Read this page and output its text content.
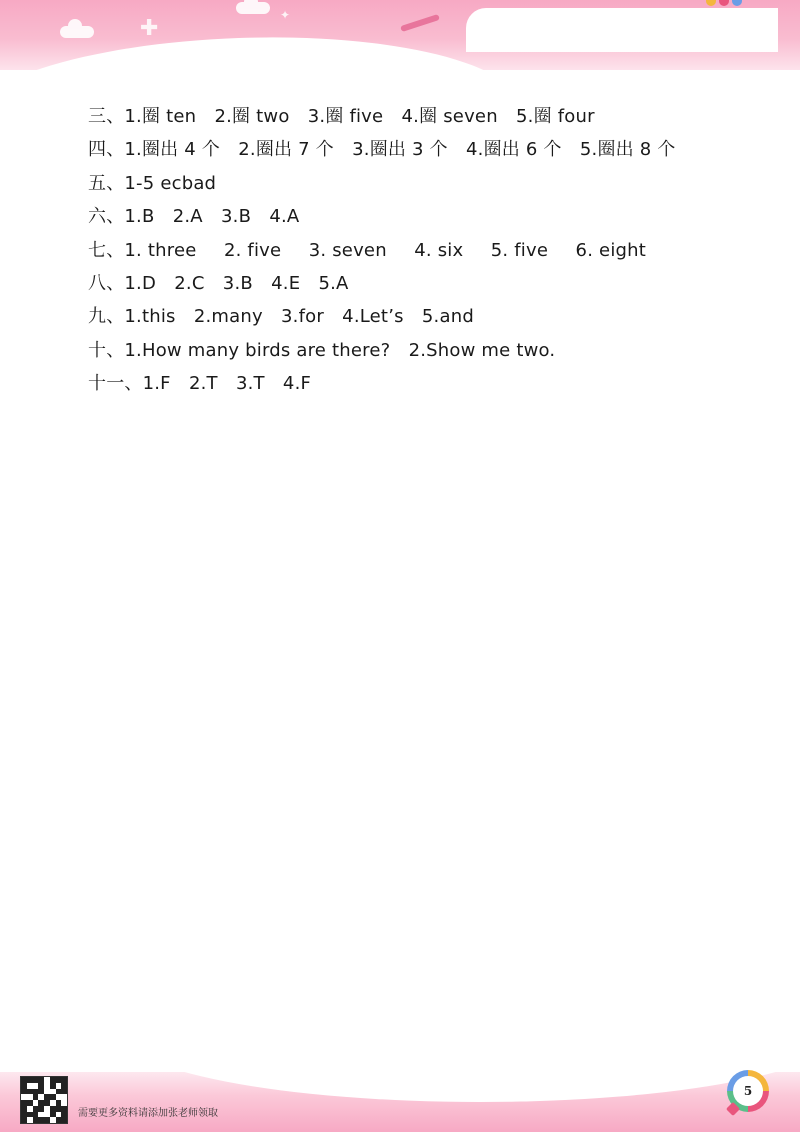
✚
✦
三、1.圈 ten  2.圈 two  3.圈 five  4.圈 seven  5.圈 four
四、1.圈出 4 个  2.圈出 7 个  3.圈出 3 个  4.圈出 6 个  5.圈出 8 个
五、1-5 ecbad
六、1.B  2.A  3.B  4.A
七、1. three   2. five   3. seven   4. six   5. five   6. eight
八、1.D  2.C  3.B  4.E  5.A
九、1.this  2.many  3.for  4.Let’s  5.and
十、1.How many birds are there?  2.Show me two.
十一、1.F  2.T  3.T  4.F
需要更多资料请添加张老师领取
5
